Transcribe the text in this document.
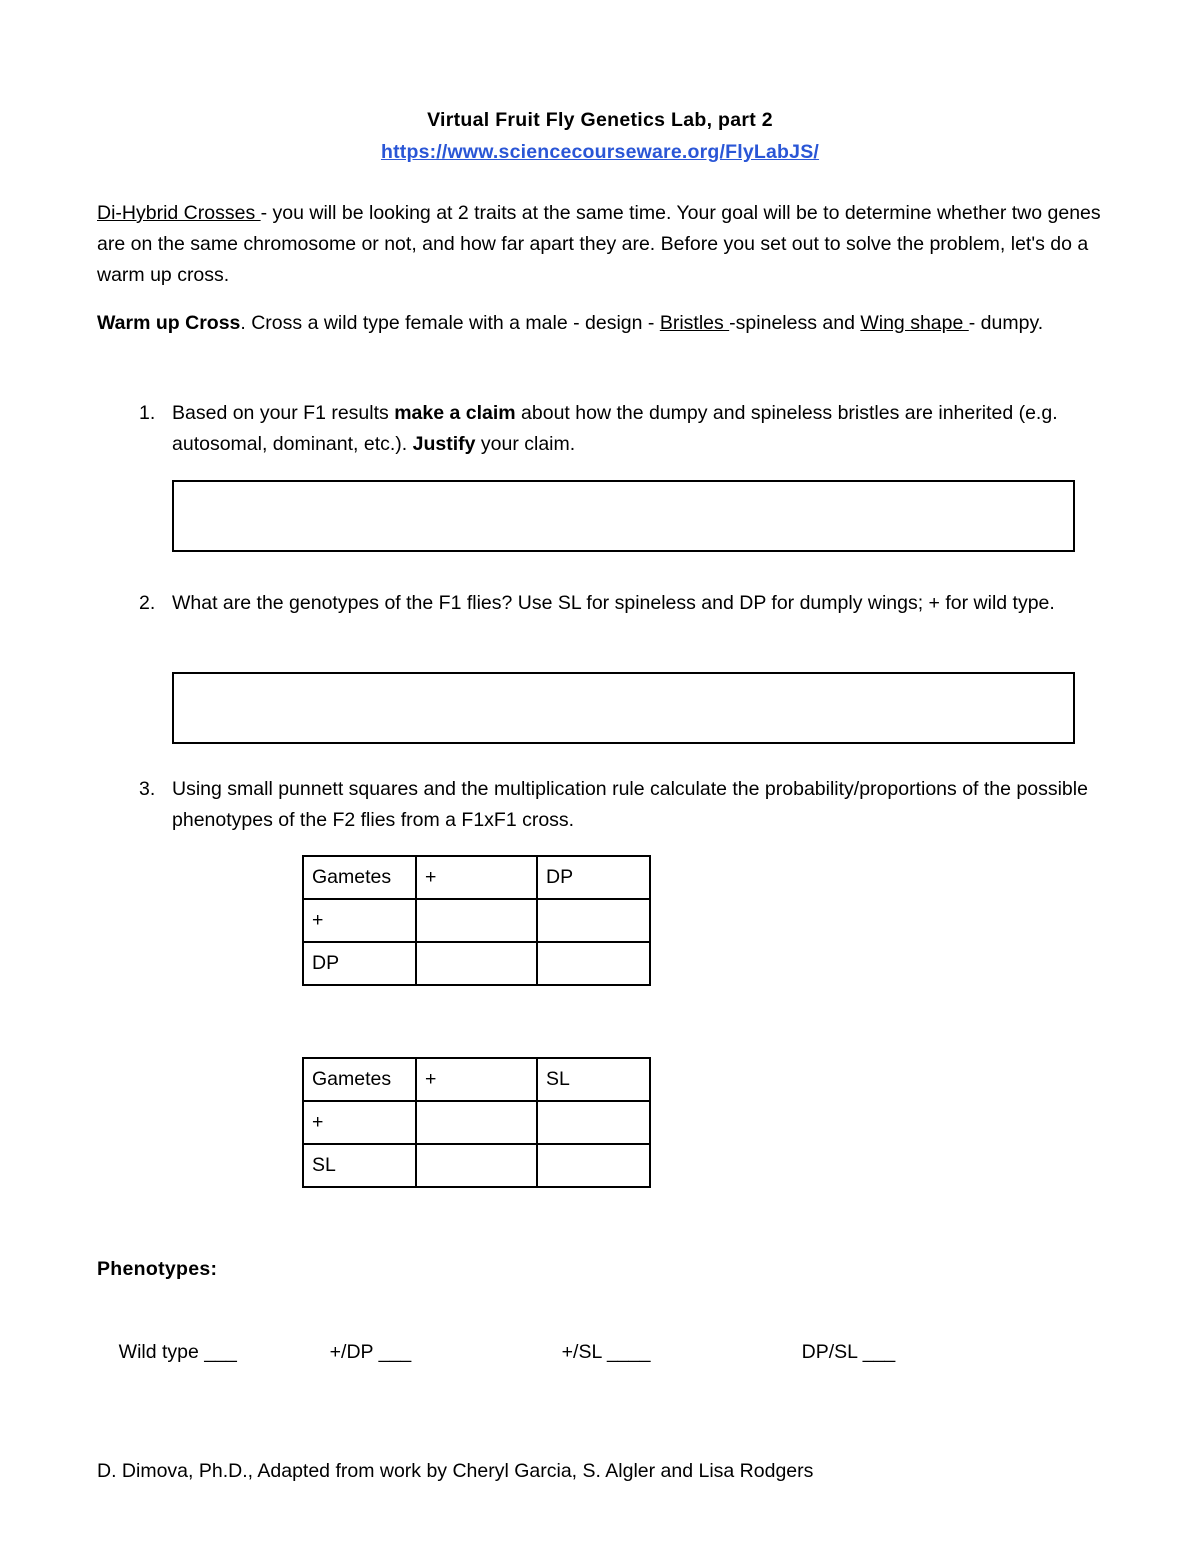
Virtual Fruit Fly Genetics Lab, part 2
https://www.sciencecourseware.org/FlyLabJS/
Di-Hybrid Crosses - you will be looking at 2 traits at the same time. Your goal will be to determine whether two genes are on the same chromosome or not, and how far apart they are. Before you set out to solve the problem, let's do a warm up cross.
Warm up Cross. Cross a wild type female with a male - design - Bristles -spineless and Wing shape - dumpy.
1. Based on your F1 results make a claim about how the dumpy and spineless bristles are inherited (e.g. autosomal, dominant, etc.). Justify your claim.
2. What are the genotypes of the F1 flies? Use SL for spineless and DP for dumply wings; + for wild type.
3. Using small punnett squares and the multiplication rule calculate the probability/proportions of the possible phenotypes of the F2 flies from a F1xF1 cross.
Gametes	+	DP
+		
DP		
Gametes	+	SL
+		
SL		
Phenotypes:

Wild type ___
	+/DP ___
	+/SL ____
	DP/SL ___

D. Dimova, Ph.D., Adapted from work by Cheryl Garcia, S. Algler and Lisa Rodgers
